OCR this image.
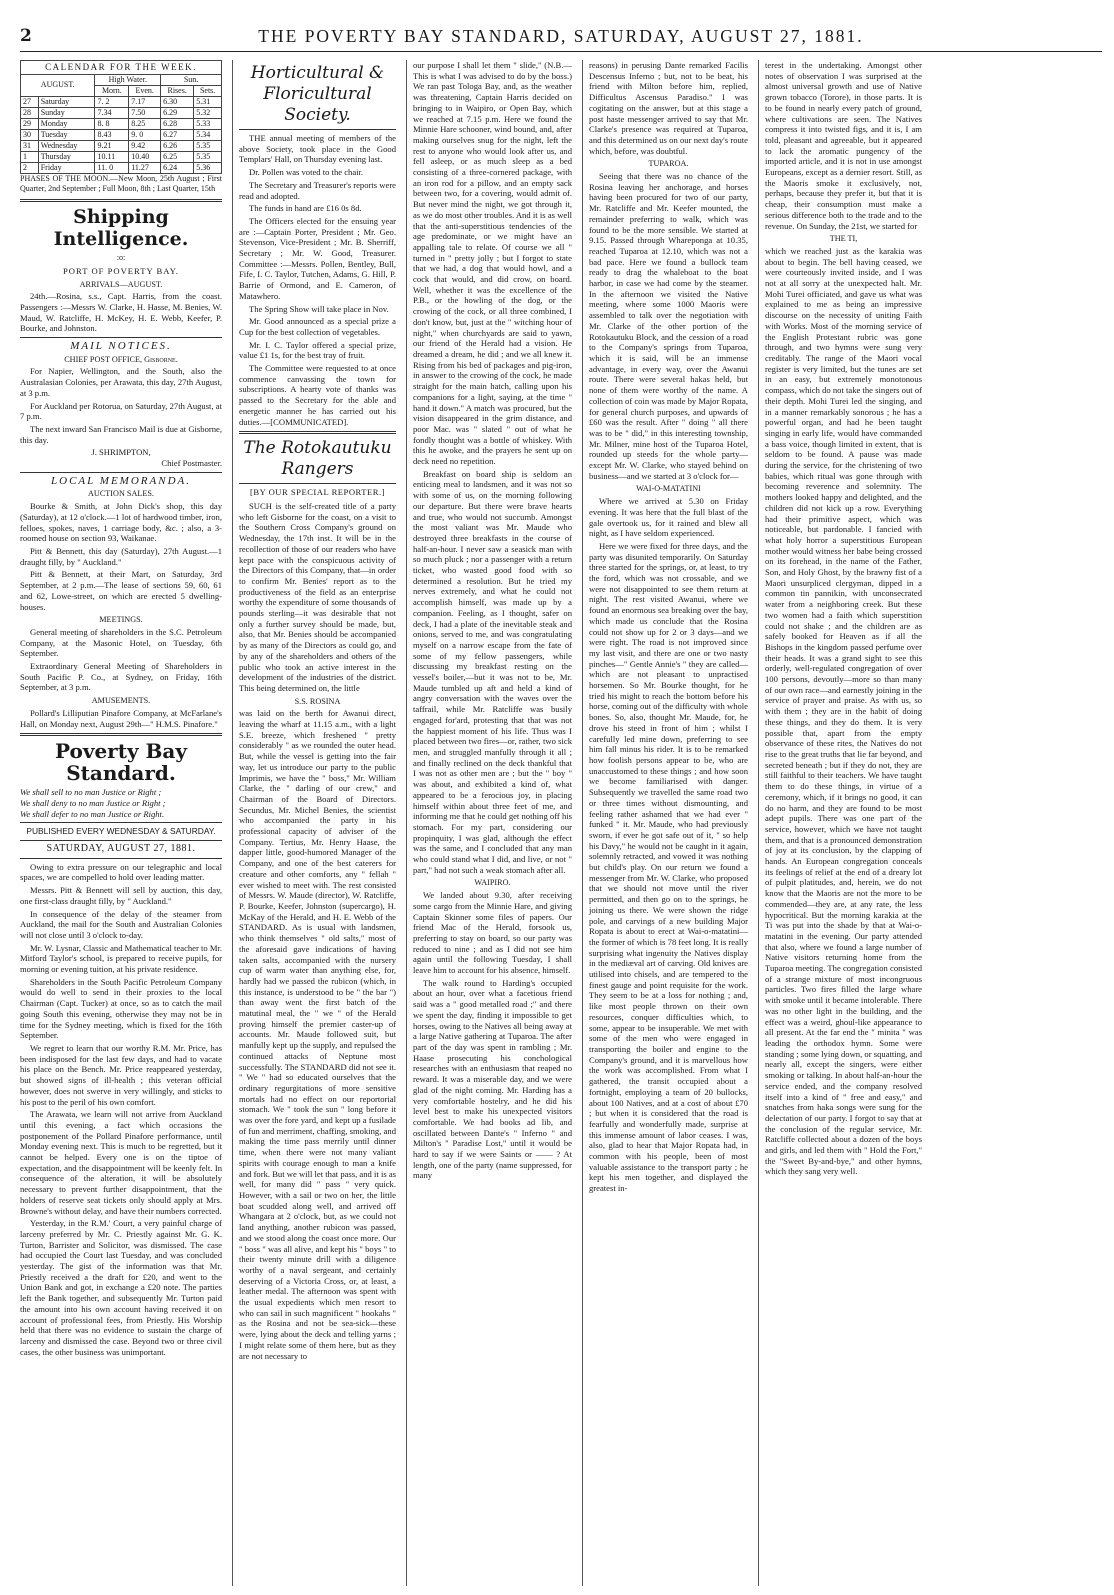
2	THE POVERTY BAY STANDARD, SATURDAY, AUGUST 27, 1881.
CALENDAR FOR THE WEEK.
AUGUST.		High Water.		Sun.	
		Morn.	Even.	Rises.	Sets.
27	Saturday	7. 2	7.17	6.30	5.31
28	Sunday	7.34	7.50	6.29	5.32
29	Monday	8. 8	8.25	6.28	5.33
30	Tuesday	8.43	9. 0	6.27	5.34
31	Wednesday	9.21	9.42	6.26	5.35
1	Thursday	10.11	10.40	6.25	5.35
2	Friday	11. 0	11.27	6.24	5.36

PHASES OF THE MOON.—New Moon, 25th August ; First Quarter, 2nd September ; Full Moon, 8th ; Last Quarter, 15th

Shipping Intelligence.
:o:
PORT OF POVERTY BAY.
ARRIVALS—AUGUST.

24th.—Rosina, s.s., Capt. Harris, from the coast. Passengers :—Messrs W. Clarke, H. Hasse, M. Benies, W. Maud, W. Ratcliffe, H. McKey, H. E. Webb, Keefer, P. Bourke, and Johnston.

MAIL NOTICES.
CHIEF POST OFFICE, Gisborne.

For Napier, Wellington, and the South, also the Australasian Colonies, per Arawata, this day, 27th August, at 3 p.m.

For Auckland per Rotorua, on Saturday, 27th August, at 7 p.m.

The next inward San Francisco Mail is due at Gisborne, this day.

J. SHRIMPTON,
Chief Postmaster.
LOCAL MEMORANDA.
AUCTION SALES.

Bourke & Smith, at John Dick's shop, this day (Saturday), at 12 o'clock.—1 lot of hardwood timber, iron, felloes, spokes, naves, 1 carriage body, &c. ; also, a 3-roomed house on section 93, Waikanae.

Pitt & Bennett, this day (Saturday), 27th August.—1 draught filly, by " Auckland."

Pitt & Bennett, at their Mart, on Saturday, 3rd September, at 2 p.m.—The lease of sections 59, 60, 61 and 62, Lowe-street, on which are erected 5 dwelling-houses.

MEETINGS.

General meeting of shareholders in the S.C. Petroleum Company, at the Masonic Hotel, on Tuesday, 6th September.

Extraordinary General Meeting of Shareholders in South Pacific P. Co., at Sydney, on Friday, 16th September, at 3 p.m.

AMUSEMENTS.

Pollard's Lilliputian Pinafore Company, at McFarlane's Hall, on Monday next, August 29th—" H.M.S. Pinafore."

Poverty Bay Standard.
We shall sell to no man Justice or Right ;
We shall deny to no man Justice or Right ;
We shall defer to no man Justice or Right.
PUBLISHED EVERY WEDNESDAY & SATURDAY.
SATURDAY, AUGUST 27, 1881.

Owing to extra pressure on our telegraphic and local spaces, we are compelled to hold over leading matter.

Messrs. Pitt & Bennett will sell by auction, this day, one first-class draught filly, by " Auckland."

In consequence of the delay of the steamer from Auckland, the mail for the South and Australian Colonies will not close until 3 o'clock to-day.

Mr. W. Lysnar, Classic and Mathematical teacher to Mr. Mitford Taylor's school, is prepared to receive pupils, for morning or evening tuition, at his private residence.

Shareholders in the South Pacific Petroleum Company would do well to send in their proxies to the local Chairman (Capt. Tucker) at once, so as to catch the mail going South this evening, otherwise they may not be in time for the Sydney meeting, which is fixed for the 16th September.

We regret to learn that our worthy R.M. Mr. Price, has been indisposed for the last few days, and had to vacate his place on the Bench. Mr. Price reappeared yesterday, but showed signs of ill-health ; this veteran official however, does not swerve in very willingly, and sticks to his post to the peril of his own comfort.

The Arawata, we learn will not arrive from Auckland until this evening, a fact which occasions the postponement of the Pollard Pinafore performance, until Monday evening next. This is much to be regretted, but it cannot be helped. Every one is on the tiptoe of expectation, and the disappointment will be keenly felt. In consequence of the alteration, it will be absolutely necessary to prevent further disappointment, that the holders of reserve seat tickets only should apply at Mrs. Browne's without delay, and have their numbers corrected.

Yesterday, in the R.M.' Court, a very painful charge of larceny preferred by Mr. C. Priestly against Mr. G. K. Turton, Barrister and Solicitor, was dismissed. The case had occupied the Court last Tuesday, and was concluded yesterday. The gist of the information was that Mr. Priestly received a the draft for £20, and went to the Union Bank and got, in exchange a £20 note. The parties left the Bank together, and subsequently Mr. Turton paid the amount into his own account having received it on account of professional fees, from Priestly. His Worship held that there was no evidence to sustain the charge of larceny and dismissed the case. Beyond two or three civil cases, the other business was unimportant.

Horticultural & Floricultural Society.

THE annual meeting of members of the above Society, took place in the Good Templars' Hall, on Thursday evening last.

Dr. Pollen was voted to the chair.

The Secretary and Treasurer's reports were read and adopted.

The funds in hand are £16 0s 8d.

The Officers elected for the ensuing year are :—Captain Porter, President ; Mr. Geo. Stevenson, Vice-President ; Mr. B. Sherriff, Secretary ; Mr. W. Good, Treasurer. Committee :—Messrs. Pollen, Bentley, Bull, Fife, I. C. Taylor, Tutchen, Adams, G. Hill, P. Barrie of Ormond, and E. Cameron, of Matawhero.

The Spring Show will take place in Nov.

Mr. Good announced as a special prize a Cup for the best collection of vegetables.

Mr. I. C. Taylor offered a special prize, value £1 1s, for the best tray of fruit.

The Committee were requested to at once commence canvassing the town for subscriptions. A hearty vote of thanks was passed to the Secretary for the able and energetic manner he has carried out his duties.—[COMMUNICATED].

The Rotokautuku Rangers
[BY OUR SPECIAL REPORTER.]

SUCH is the self-created title of a party who left Gisborne for the coast, on a visit to the Southern Cross Company's ground on Wednesday, the 17th inst. It will be in the recollection of those of our readers who have kept pace with the conspicuous activity of the Directors of this Company, that—in order to confirm Mr. Benies' report as to the productiveness of the field as an enterprise worthy the expenditure of some thousands of pounds sterling—it was desirable that not only a further survey should be made, but, also, that Mr. Benies should be accompanied by as many of the Directors as could go, and by any of the shareholders and others of the public who took an active interest in the development of the industries of the district. This being determined on, the little

S.S. ROSINA

was laid on the berth for Awanui direct, leaving the wharf at 11.15 a.m., with a light S.E. breeze, which freshened " pretty considerably " as we rounded the outer head. But, while the vessel is getting into the fair way, let us introduce our party to the public Imprimis, we have the " boss," Mr. William Clarke, the " darling of our crew," and Chairman of the Board of Directors. Secundus, Mr. Michel Benies, the scientist who accompanied the party in his professional capacity of adviser of the Company. Tertius, Mr. Henry Haase, the dapper little, good-humored Manager of the Company, and one of the best caterers for creature and other comforts, any " fellah " ever wished to meet with. The rest consisted of Messrs. W. Maude (director), W. Ratcliffe, P. Bourke, Keefer, Johnston (supercargo), H. McKay of the Herald, and H. E. Webb of the STANDARD. As is usual with landsmen, who think themselves " old salts," most of the aforesaid gave indications of having taken salts, accompanied with the nursery cup of warm water than anything else, for, hardly had we passed the rubicon (which, in this instance, is understood to be " the bar ") than away went the first batch of the matutinal meal, the " we " of the Herald proving himself the premier caster-up of accounts. Mr. Maude followed suit, but manfully kept up the supply, and repulsed the continued attacks of Neptune most successfully. The STANDARD did not see it. " We " had so educated ourselves that the ordinary regurgitations of more sensitive mortals had no effect on our reportorial stomach. We " took the sun " long before it was over the fore yard, and kept up a fusilade of fun and merriment, chaffing, smoking, and making the time pass merrily until dinner time, when there were not many valiant spirits with courage enough to man a knife and fork. But we will let that pass, and it is as well, for many did " pass " very quick. However, with a sail or two on her, the little boat scudded along well, and arrived off Whangara at 2 o'clock, but, as we could not land anything, another rubicon was passed, and we stood along the coast once more. Our " boss " was all alive, and kept his " boys " to their twenty minute drill with a diligence worthy of a naval sergeant, and certainly deserving of a Victoria Cross, or, at least, a leather medal. The afternoon was spent with the usual expedients which men resort to who can sail in such magnificent " hookahs " as the Rosina and not be sea-sick—these were, lying about the deck and telling yarns ; I might relate some of them here, but as they are not necessary to

our purpose I shall let them " slide," (N.B.—This is what I was advised to do by the boss.) We ran past Tologa Bay, and, as the weather was threatening, Captain Harris decided on bringing to in Waipiro, or Open Bay, which we reached at 7.15 p.m. Here we found the Minnie Hare schooner, wind bound, and, after making ourselves snug for the night, left the rest to anyone who would look after us, and fell asleep, or as much sleep as a bed consisting of a three-cornered package, with an iron rod for a pillow, and an empty sack between two, for a covering, would admit of. But never mind the night, we got through it, as we do most other troubles. And it is as well that the anti-superstitious tendencies of the age predominate, or we might have an appalling tale to relate. Of course we all " turned in " pretty jolly ; but I forgot to state that we had, a dog that would howl, and a cock that would, and did crow, on board. Well, whether it was the excellence of the P.B., or the howling of the dog, or the crowing of the cock, or all three combined, I don't know, but, just at the " witching hour of night," when churchyards are said to yawn, our friend of the Herald had a vision. He dreamed a dream, he did ; and we all knew it. Rising from his bed of packages and pig-iron, in answer to the crowing of the cock, he made straight for the main hatch, calling upon his companions for a light, saying, at the time " hand it down." A match was procured, but the vision disappeared in the grim distance, and poor Mac. was " slated " out of what he fondly thought was a bottle of whiskey. With this he awoke, and the prayers he sent up on deck need no repetition.

Breakfast on board ship is seldom an enticing meal to landsmen, and it was not so with some of us, on the morning following our departure. But there were brave hearts and true, who would not succumb. Amongst the most valiant was Mr. Maude who destroyed three breakfasts in the course of half-an-hour. I never saw a seasick man with so much pluck ; nor a passenger with a return ticket, who wasted good food with so determined a resolution. But he tried my nerves extremely, and what he could not accomplish himself, was made up by a companion. Feeling, as I thought, safer on deck, I had a plate of the inevitable steak and onions, served to me, and was congratulating myself on a narrow escape from the fate of some of my fellow passengers, while discussing my breakfast resting on the vessel's boiler,—but it was not to be, Mr. Maude tumbled up aft and held a kind of angry conversation with the waves over the taffrail, while Mr. Ratcliffe was busily engaged for'ard, protesting that that was not the happiest moment of his life. Thus was I placed between two fires—or, rather, two sick men, and struggled manfully through it all ; and finally reclined on the deck thankful that I was not as other men are ; but the " boy " was about, and exhibited a kind of, what appeared to be a ferocious joy, in placing himself within about three feet of me, and informing me that he could get nothing off his stomach. For my part, considering our propinquity, I was glad, although the effect was the same, and I concluded that any man who could stand what I did, and live, or not " part," had not such a weak stomach after all.

WAIPIRO.

We landed about 9.30, after receiving some cargo from the Minnie Hare, and giving Captain Skinner some files of papers. Our friend Mac of the Herald, forsook us, preferring to stay on board, so our party was reduced to nine ; and as I did not see him again until the following Tuesday, I shall leave him to account for his absence, himself.

The walk round to Harding's occupied about an hour, over what a facetious friend said was a " good metalled road ;" and there we spent the day, finding it impossible to get horses, owing to the Natives all being away at a large Native gathering at Tuparoa. The after part of the day was spent in rambling ; Mr. Haase prosecuting his conchological researches with an enthusiasm that reaped no reward. It was a miserable day, and we were glad of the night coming. Mr. Harding has a very comfortable hostelry, and he did his level best to make his unexpected visitors comfortable. We had books ad lib, and oscillated between Dante's " Inferno " and Milton's " Paradise Lost," until it would be hard to say if we were Saints or —— ? At length, one of the party (name suppressed, for many

reasons) in perusing Dante remarked Facilis Descensus Inferno ; but, not to be beat, his friend with Milton before him, replied, Difficultus Ascensus Paradiso." I was cogitating on the answer, but at this stage a post haste messenger arrived to say that Mr. Clarke's presence was required at Tuparoa, and this determined us on our next day's route which, before, was doubtful.

TUPAROA.

Seeing that there was no chance of the Rosina leaving her anchorage, and horses having been procured for two of our party, Mr. Ratcliffe and Mr. Keefer mounted, the remainder preferring to walk, which was found to be the more sensible. We started at 9.15. Passed through Whareponga at 10.35, reached Tuparoa at 12.10, which was not a bad pace. Here we found a bullock team ready to drag the whaleboat to the boat harbor, in case we had come by the steamer. In the afternoon we visited the Native meeting, where some 1000 Maoris were assembled to talk over the negotiation with Mr. Clarke of the other portion of the Rotokautuku Block, and the cession of a road to the Company's springs from Tuparoa, which it is said, will be an immense advantage, in every way, over the Awanui route. There were several hakas held, but none of them were worthy of the name. A collection of coin was made by Major Ropata, for general church purposes, and upwards of £60 was the result. After " doing " all there was to be " did," in this interesting township, Mr. Milner, mine host of the Tuparoa Hotel, rounded up steeds for the whole party—except Mr. W. Clarke, who stayed behind on business—and we started at 3 o'clock for—

WAI-O-MATATINI

Where we arrived at 5.30 on Friday evening. It was here that the full blast of the gale overtook us, for it rained and blew all night, as I have seldom experienced.

Here we were fixed for three days, and the party was disunited temporarily. On Saturday three started for the springs, or, at least, to try the ford, which was not crossable, and we were not disappointed to see them return at night. The rest visited Awanui, where we found an enormous sea breaking over the bay, which made us conclude that the Rosina could not show up for 2 or 3 days—and we were right. The road is not improved since my last visit, and there are one or two nasty pinches—" Gentle Annie's " they are called—which are not pleasant to unpractised horsemen. So Mr. Bourke thought, for he tried his might to reach the bottom before his horse, coming out of the difficulty with whole bones. So, also, thought Mr. Maude, for, he drove his steed in front of him ; whilst I carefully led mine down, preferring to see him fall minus his rider. It is to be remarked how foolish persons appear to be, who are unaccustomed to these things ; and how soon we become familiarised with danger. Subsequently we travelled the same road two or three times without dismounting, and feeling rather ashamed that we had ever " funked " it. Mr. Maude, who had previously sworn, if ever he got safe out of it, " so help his Davy," he would not be caught in it again, solemnly retracted, and vowed it was nothing but child's play. On our return we found a messenger from Mr. W. Clarke, who proposed that we should not move until the river permitted, and then go on to the springs, he joining us there. We were shown the ridge pole, and carvings of a new building Major Ropata is about to erect at Wai-o-matatini—the former of which is 78 feet long. It is really surprising what ingenuity the Natives display in the mediæval art of carving. Old knives are utilised into chisels, and are tempered to the finest gauge and point requisite for the work. They seem to be at a loss for nothing ; and, like most people thrown on their own resources, conquer difficulties which, to some, appear to be insuperable. We met with some of the men who were engaged in transporting the boiler and engine to the Company's ground, and it is marvellous how the work was accomplished. From what I gathered, the transit occupied about a fortnight, employing a team of 20 bullocks, about 100 Natives, and at a cost of about £70 ; but when it is considered that the road is fearfully and wonderfully made, surprise at this immense amount of labor ceases. I was, also, glad to hear that Major Ropata had, in common with his people, been of most valuable assistance to the transport party ; he kept his men together, and displayed the greatest in-

terest in the undertaking. Amongst other notes of observation I was surprised at the almost universal growth and use of Native grown tobacco (Torore), in those parts. It is to be found in nearly every patch of ground, where cultivations are seen. The Natives compress it into twisted figs, and it is, I am told, pleasant and agreeable, but it appeared to lack the aromatic pungency of the imported article, and it is not in use amongst Europeans, except as a dernier resort. Still, as the Maoris smoke it exclusively, not, perhaps, because they prefer it, but that it is cheap, their consumption must make a serious difference both to the trade and to the revenue. On Sunday, the 21st, we started for

THE TI,

which we reached just as the karakia was about to begin. The bell having ceased, we were courteously invited inside, and I was not at all sorry at the unexpected halt. Mr. Mohi Turei officiated, and gave us what was explained to me as being an impressive discourse on the necessity of uniting Faith with Works. Most of the morning service of the English Protestant rubric was gone through, and two hymns were sung very creditably. The range of the Maori vocal register is very limited, but the tunes are set in an easy, but extremely monotonous compass, which do not take the singers out of their depth. Mohi Turei led the singing, and in a manner remarkably sonorous ; he has a powerful organ, and had he been taught singing in early life, would have commanded a bass voice, though limited in extent, that is seldom to be found. A pause was made during the service, for the christening of two babies, which ritual was gone through with becoming reverence and solemnity. The mothers looked happy and delighted, and the children did not kick up a row. Everything had their primitive aspect, which was noticeable, but pardonable. I fancied with what holy horror a superstitious European mother would witness her babe being crossed on its forehead, in the name of the Father, Son, and Holy Ghost, by the brawny fist of a Maori unsurpliced clergyman, dipped in a common tin pannikin, with unconsecrated water from a neighboring creek. But these two women had a faith which superstition could not shake ; and the children are as safely booked for Heaven as if all the Bishops in the kingdom passed perfume over their heads. It was a grand sight to see this orderly, well-regulated congregation of over 100 persons, devoutly—more so than many of our own race—and earnestly joining in the service of prayer and praise. As with us, so with them ; they are in the habit of doing these things, and they do them. It is very possible that, apart from the empty observance of these rites, the Natives do not rise to the great truths that lie far beyond, and secreted beneath ; but if they do not, they are still faithful to their teachers. We have taught them to do these things, in virtue of a ceremony, which, if it brings no good, it can do no harm, and they are found to be most adept pupils. There was one part of the service, however, which we have not taught them, and that is a pronounced demonstration of joy at its conclusion, by the clapping of hands. An European congregation conceals its feelings of relief at the end of a dreary lot of pulpit platitudes, and, herein, we do not know that the Maoris are not the more to be commended—they are, at any rate, the less hypocritical. But the morning karakia at the Ti was put into the shade by that at Wai-o-matatini in the evening. Our party attended that also, where we found a large number of Native visitors returning home from the Tuparoa meeting. The congregation consisted of a strange mixture of most incongruous particles. Two fires filled the large whare with smoke until it became intolerable. There was no other light in the building, and the effect was a weird, ghoul-like appearance to all present. At the far end the " minita " was leading the orthodox hymn. Some were standing ; some lying down, or squatting, and nearly all, except the singers, were either smoking or talking. In about half-an-hour the service ended, and the company resolved itself into a kind of " free and easy," and snatches from haka songs were sung for the delectation of our party. I forgot to say that at the conclusion of the regular service, Mr. Ratcliffe collected about a dozen of the boys and girls, and led them with " Hold the Fort," the "Sweet By-and-bye," and other hymns, which they sang very well.
